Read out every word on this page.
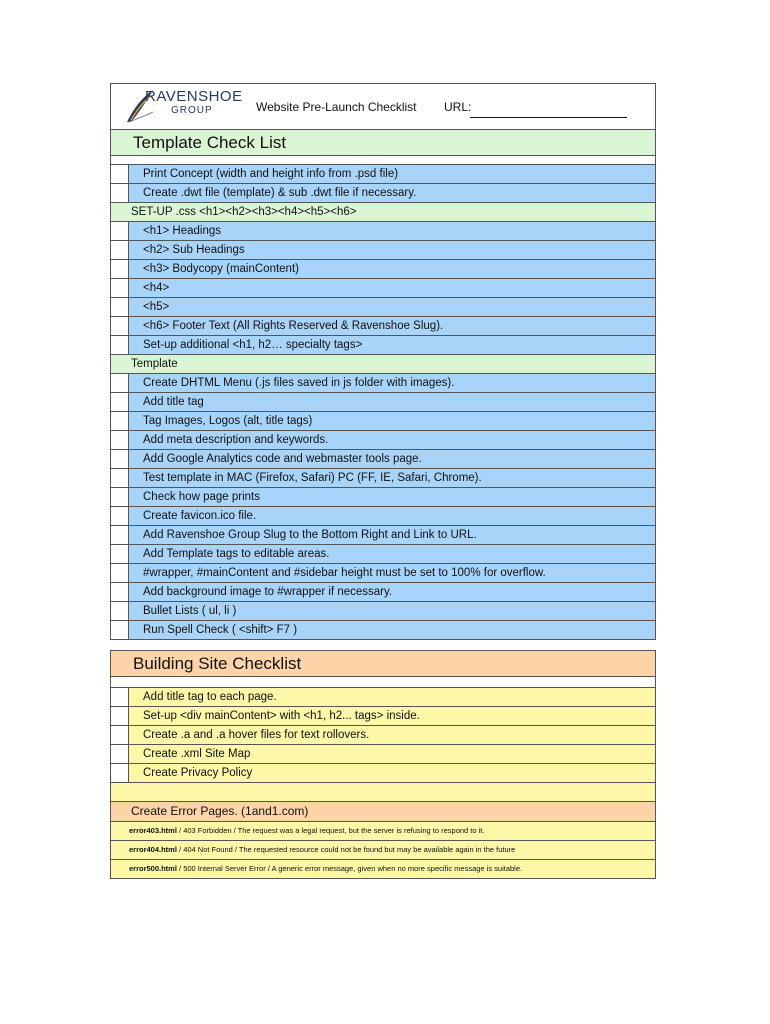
RAVENSHOE
GROUP	Website Pre-Launch Checklist URL:
Template Check List
Print Concept (width and height info from .psd file)
Create .dwt file (template) & sub .dwt file if necessary.
SET-UP .css <h1><h2><h3><h4><h5><h6>
<h1> Headings
<h2> Sub Headings
<h3> Bodycopy (mainContent)
<h4>
<h5>
<h6> Footer Text (All Rights Reserved & Ravenshoe Slug).
Set-up additional <h1, h2… specialty tags>
Template
Create DHTML Menu (.js files saved in js folder with images).
Add title tag
Tag Images, Logos (alt, title tags)
Add meta description and keywords.
Add Google Analytics code and webmaster tools page.
Test template in MAC (Firefox, Safari) PC (FF, IE, Safari, Chrome).
Check how page prints
Create favicon.ico file.
Add Ravenshoe Group Slug to the Bottom Right and Link to URL.
Add Template tags to editable areas.
#wrapper, #mainContent and #sidebar height must be set to 100% for overflow.
Add background image to #wrapper if necessary.
Bullet Lists ( ul, li )
Run Spell Check ( <shift> F7 )
Building Site Checklist
Add title tag to each page.
Set-up <div mainContent> with <h1, h2... tags> inside.
Create .a and .a hover files for text rollovers.
Create .xml Site Map
Create Privacy Policy
Create Error Pages. (1and1.com)
error403.html / 403 Forbidden / The request was a legal request, but the server is refusing to respond to it.
error404.html / 404 Not Found / The requested resource could not be found but may be available again in the future
error500.html / 500 Internal Server Error / A generic error message, given when no more specific message is suitable.
